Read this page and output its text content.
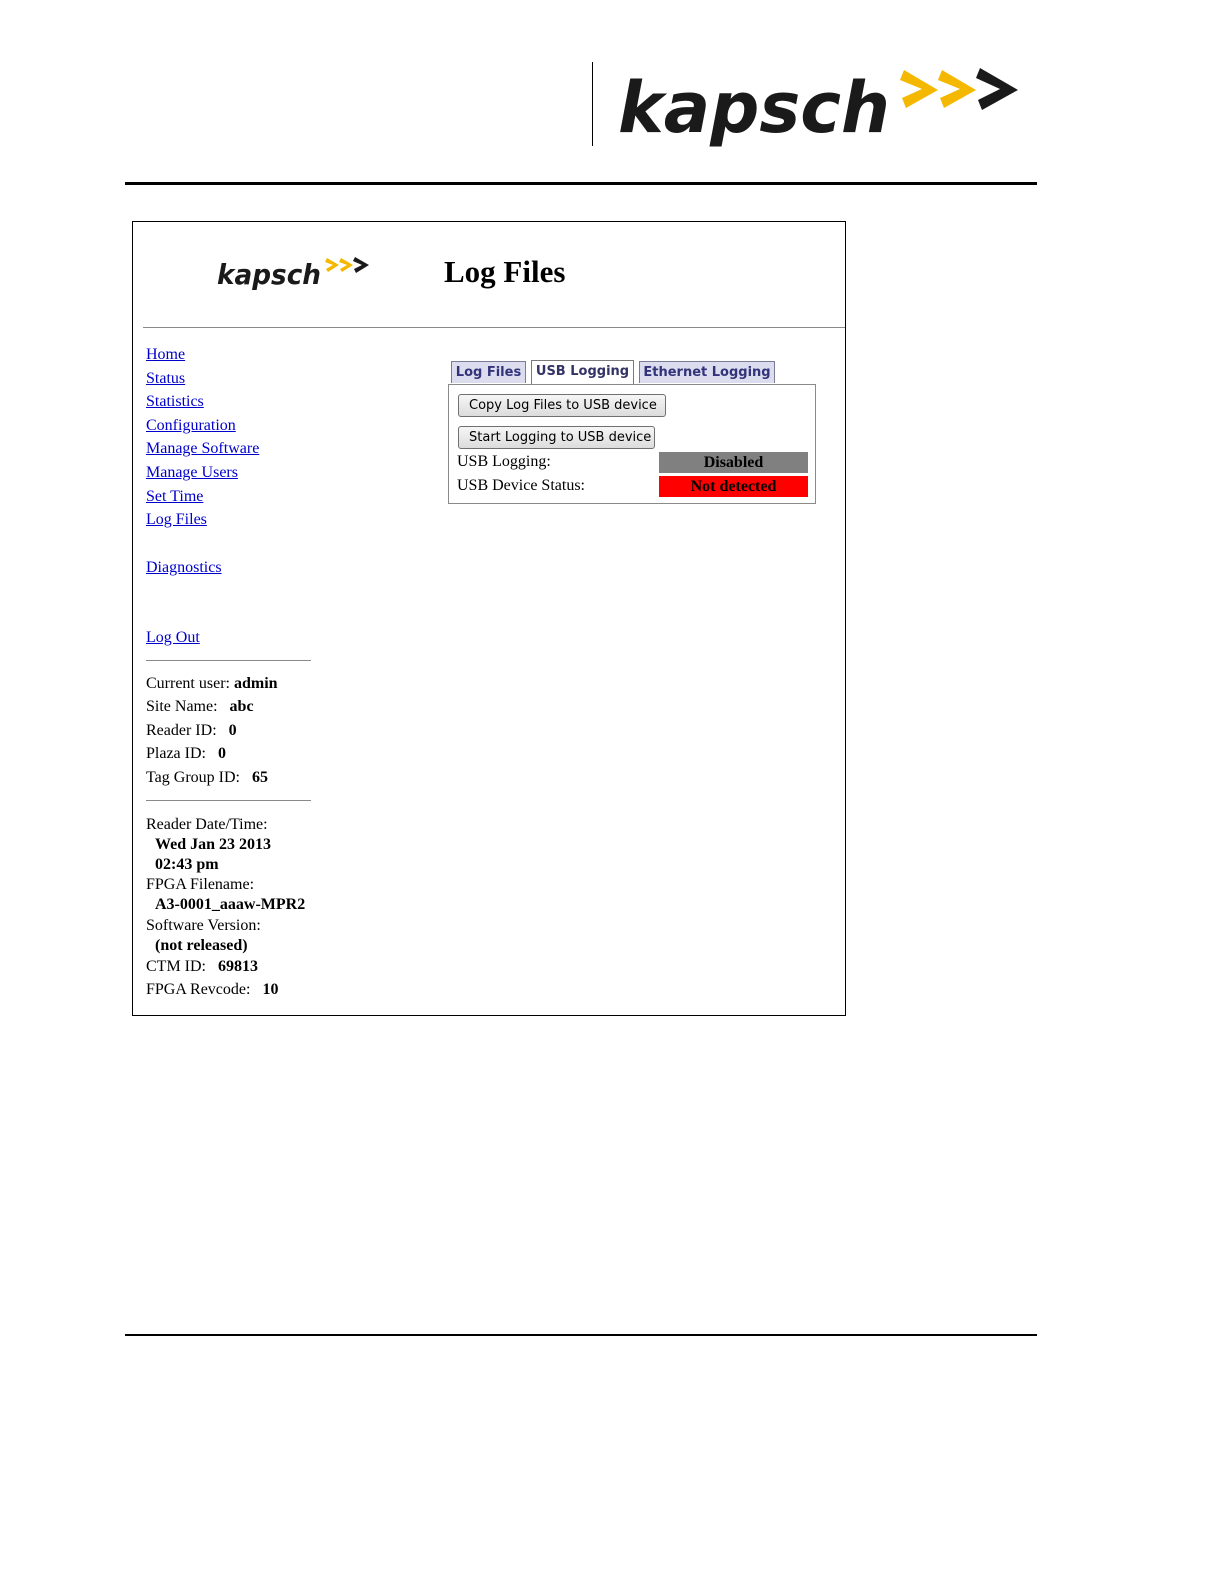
kapsch
kapsch	Log Files
Home
Status
Statistics
Configuration
Manage Software
Manage Users
Set Time
Log Files
Diagnostics
Log Out
Current user: admin
Site Name: abc
Reader ID: 0
Plaza ID: 0
Tag Group ID: 65
Reader Date/Time:
Wed Jan 23 2013
02:43 pm
FPGA Filename:
A3-0001_aaaw-MPR2
Software Version:
(not released)
CTM ID: 69813
FPGA Revcode: 10
Log Files	USB Logging	Ethernet Logging
Copy Log Files to USB device
Start Logging to USB device
USB Logging:	Disabled
USB Device Status:	Not detected
